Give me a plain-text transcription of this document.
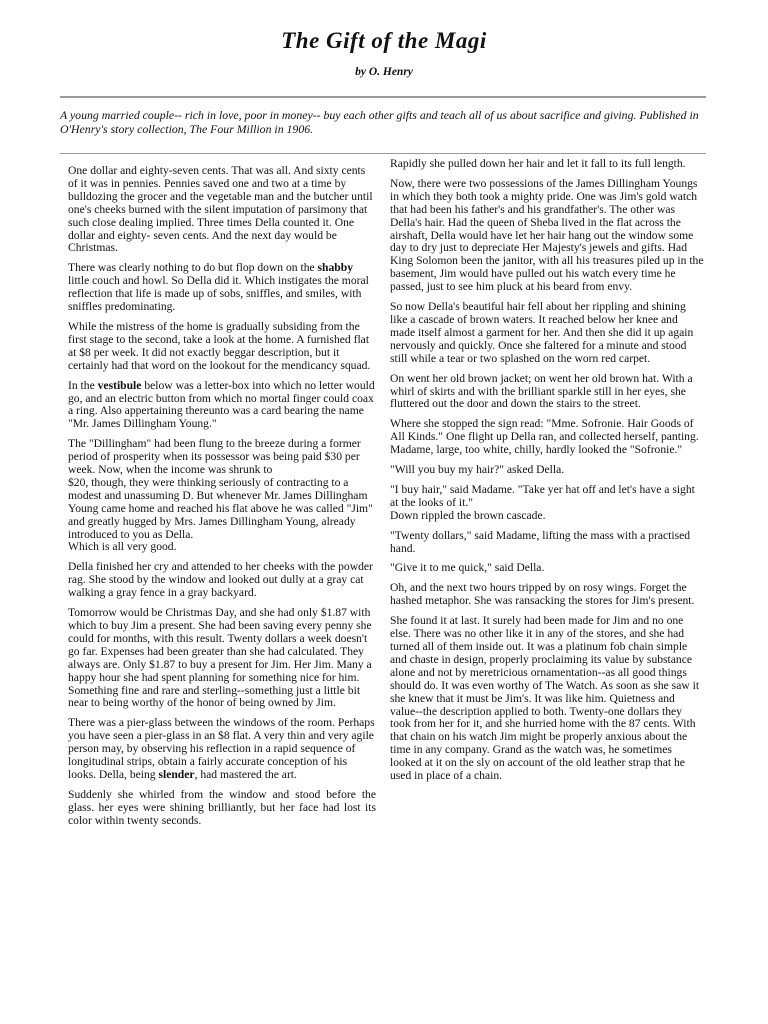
The Gift of the Magi
by O. Henry
A young married couple-- rich in love, poor in money-- buy each other gifts and teach all of us about sacrifice and giving. Published in O'Henry's story collection, The Four Million in 1906.

One dollar and eighty-seven cents. That was all. And sixty cents of it was in pennies. Pennies saved one and two at a time by bulldozing the grocer and the vegetable man and the butcher until one's cheeks burned with the silent imputation of parsimony that such close dealing implied. Three times Della counted it. One dollar and eighty- seven cents. And the next day would be Christmas.

There was clearly nothing to do but flop down on the shabby little couch and howl. So Della did it. Which instigates the moral reflection that life is made up of sobs, sniffles, and smiles, with sniffles predominating.

While the mistress of the home is gradually subsiding from the first stage to the second, take a look at the home. A furnished flat at $8 per week. It did not exactly beggar description, but it certainly had that word on the lookout for the mendicancy squad.

In the vestibule below was a letter-box into which no letter would go, and an electric button from which no mortal finger could coax a ring. Also appertaining thereunto was a card bearing the name "Mr. James Dillingham Young."

The "Dillingham" had been flung to the breeze during a former period of prosperity when its possessor was being paid $30 per week. Now, when the income was shrunk to
$20, though, they were thinking seriously of contracting to a modest and unassuming D. But whenever Mr. James Dillingham Young came home and reached his flat above he was called "Jim" and greatly hugged by Mrs. James Dillingham Young, already introduced to you as Della.
Which is all very good.

Della finished her cry and attended to her cheeks with the powder rag. She stood by the window and looked out dully at a gray cat walking a gray fence in a gray backyard.

Tomorrow would be Christmas Day, and she had only $1.87 with which to buy Jim a present. She had been saving every penny she could for months, with this result. Twenty dollars a week doesn't go far. Expenses had been greater than she had calculated. They always are. Only $1.87 to buy a present for Jim. Her Jim. Many a happy hour she had spent planning for something nice for him. Something fine and rare and sterling--something just a little bit near to being worthy of the honor of being owned by Jim.

There was a pier-glass between the windows of the room. Perhaps you have seen a pier-glass in an $8 flat. A very thin and very agile person may, by observing his reflection in a rapid sequence of longitudinal strips, obtain a fairly accurate conception of his looks. Della, being slender, had mastered the art.

Suddenly she whirled from the window and stood before the glass. her eyes were shining brilliantly, but her face had lost its color within twenty seconds.

Rapidly she pulled down her hair and let it fall to its full length.

Now, there were two possessions of the James Dillingham Youngs in which they both took a mighty pride. One was Jim's gold watch that had been his father's and his grandfather's. The other was Della's hair. Had the queen of Sheba lived in the flat across the airshaft, Della would have let her hair hang out the window some day to dry just to depreciate Her Majesty's jewels and gifts. Had King Solomon been the janitor, with all his treasures piled up in the basement, Jim would have pulled out his watch every time he passed, just to see him pluck at his beard from envy.

So now Della's beautiful hair fell about her rippling and shining like a cascade of brown waters. It reached below her knee and made itself almost a garment for her. And then she did it up again nervously and quickly. Once she faltered for a minute and stood still while a tear or two splashed on the worn red carpet.

On went her old brown jacket; on went her old brown hat. With a whirl of skirts and with the brilliant sparkle still in her eyes, she fluttered out the door and down the stairs to the street.

Where she stopped the sign read: "Mme. Sofronie. Hair Goods of All Kinds." One flight up Della ran, and collected herself, panting. Madame, large, too white, chilly, hardly looked the "Sofronie."

"Will you buy my hair?" asked Della.

"I buy hair," said Madame. "Take yer hat off and let's have a sight at the looks of it."
Down rippled the brown cascade.

"Twenty dollars," said Madame, lifting the mass with a practised hand.

"Give it to me quick," said Della.

Oh, and the next two hours tripped by on rosy wings. Forget the hashed metaphor. She was ransacking the stores for Jim's present.

She found it at last. It surely had been made for Jim and no one else. There was no other like it in any of the stores, and she had turned all of them inside out. It was a platinum fob chain simple and chaste in design, properly proclaiming its value by substance alone and not by meretricious ornamentation--as all good things should do. It was even worthy of The Watch. As soon as she saw it she knew that it must be Jim's. It was like him. Quietness and value--the description applied to both. Twenty-one dollars they took from her for it, and she hurried home with the 87 cents. With that chain on his watch Jim might be properly anxious about the time in any company. Grand as the watch was, he sometimes looked at it on the sly on account of the old leather strap that he used in place of a chain.
